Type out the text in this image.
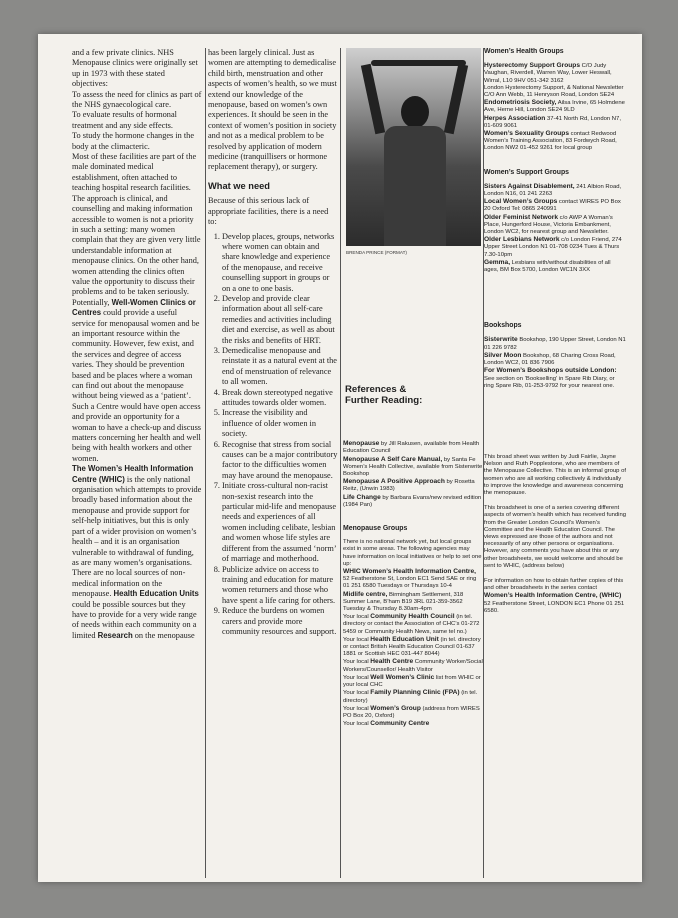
and a few private clinics. NHS Menopause clinics were originally set up in 1973 with these stated objectives:

To assess the need for clinics as part of the NHS gynaecological care.

To evaluate results of hormonal treatment and any side effects.

To study the hormone changes in the body at the climacteric.

Most of these facilities are part of the male dominated medical establishment, often attached to teaching hospital research facilities. The approach is clinical, and counselling and making information accessible to women is not a priority in such a setting: many women complain that they are given very little understandable information at menopause clinics. On the other hand, women attending the clinics often value the opportunity to discuss their problems and to be taken seriously.

Potentially, Well-Women Clinics or Centres could provide a useful service for menopausal women and be an important resource within the community. However, few exist, and the services and degree of access varies. They should be prevention based and be places where a woman can find out about the menopause without being viewed as a ‘patient’. Such a Centre would have open access and provide an opportunity for a woman to have a check-up and discuss matters concerning her health and well being with health workers and other women.

The Women’s Health Information Centre (WHIC) is the only national organisation which attempts to provide broadly based information about the menopause and provide support for self-help initiatives, but this is only part of a wider provision on women’s health – and it is an organisation vulnerable to withdrawal of funding, as are many women’s organisations. There are no local sources of non-medical information on the menopause. Health Education Units could be possible sources but they have to provide for a very wide range of needs within each community on a limited Research on the menopause

has been largely clinical. Just as women are attempting to demedicalise child birth, menstruation and other aspects of women’s health, so we must extend our knowledge of the menopause, based on women’s own experiences. It should be seen in the context of women’s position in society and not as a medical problem to be resolved by application of modern medicine (tranquillisers or hormone replacement therapy), or surgery.

What we need

Because of this serious lack of appropriate facilities, there is a need to:

1. Develop places, groups, networks where women can obtain and share knowledge and experience of the menopause, and receive counselling support in groups or on a one to one basis.
2. Develop and provide clear information about all self-care remedies and activities including diet and exercise, as well as about the risks and benefits of HRT.
3. Demedicalise menopause and reinstate it as a natural event at the end of menstruation of relevance to all women.
4. Break down stereotyped negative attitudes towards older women.
5. Increase the visibility and influence of older women in society.
6. Recognise that stress from social causes can be a major contributory factor to the difficulties women may have around the menopause.
7. Initiate cross-cultural non-racist non-sexist research into the particular mid-life and menopause needs and experiences of all women including celibate, lesbian and women whose life styles are different from the assumed ‘norm’ of marriage and motherhood.
8. Publicize advice on access to training and education for mature women returners and those who have spent a life caring for others.
9. Reduce the burdens on women carers and provide more community resources and support.
BRENDA PRINCE (FORMAT)
References &
Further Reading:

Menopause by Jill Rakusen, available from Health Education Council

Menopause A Self Care Manual, by Santa Fe Women’s Health Collective, available from Sisterwrite Bookshop

Menopause A Positive Approach by Rosetta Reitz, (Unwin 1983)

Life Change by Barbara Evans/new revised edition (1984 Pan)

Menopause Groups

There is no national network yet, but local groups exist in some areas. The following agencies may have information on local initiatives or help to set one up:

WHIC Women’s Health Information Centre, 52 Featherstone St, London EC1 Send SAE or ring 01 251 6580 Tuesdays or Thursdays 10-4

Midlife centre, Birmingham Settlement, 318 Summer Lane, B’ham B19 3RL 021-359-3562 Tuesday & Thursday 8.30am-4pm

Your local Community Health Council (in tel. directory or contact the Association of CHC’s 01-272 5459 or Community Health News, same tel no.)

Your local Health Education Unit (in tel. directory or contact British Health Education Council 01-637 1881 or Scottish HEC 031-447 8044)

Your local Health Centre Community Worker/Social Workers/Counsellor/ Health Visitor

Your local Well Women’s Clinic list from WHIC or your local CHC

Your local Family Planning Clinic (FPA) (in tel. directory)

Your local Women’s Group (address from WIRES PO Box 20, Oxford)

Your local Community Centre

Women’s Health Groups

Hysterectomy Support Groups C/O Judy Vaughan, Riverdell, Warren Way, Lower Heswall, Wirral, L10 9HV 051-342 3162

London Hysterectomy Support, & National Newsletter C/O Ann Webb, 11 Henryson Road, London SE24

Endometriosis Society, Ailsa Irvine, 65 Holmdene Ave, Herne Hill, London SE24 9LD

Herpes Association 37-41 North Rd, London N7, 01-609 9061

Women’s Sexuality Groups contact Redwood Women’s Training Association, 83 Fordwych Road, London NW2 01-452 9261 for local group

Women’s Support Groups

Sisters Against Disablement, 241 Albion Road, London N16, 01 241 2263

Local Women’s Groups contact WIRES PO Box 20 Oxford Tel: 0865 240991

Older Feminist Network c/o AWP A Woman’s Place, Hungerford House, Victoria Embankment, London WC2, for nearest group and Newsletter.

Older Lesbians Network c/o London Friend, 274 Upper Street London N1 01-708 0234 Tues & Thurs 7.30-10pm

Gemma, Lesbians with/without disabilities of all ages, BM Box 5700, London WC1N 3XX

Bookshops

Sisterwrite Bookshop, 190 Upper Street, London N1 01 226 9782

Silver Moon Bookshop, 68 Charing Cross Road, London WC2, 01 836 7906

For Women’s Bookshops outside London:

See section on ‘Bookselling’ in Spare Rib Diary, or ring Spare Rib, 01-253-9792 for your nearest one.

This broad sheet was written by Judi Fairlie, Jayne Nelson and Ruth Popplestone, who are members of the Menopause Collective. This is an informal group of women who are all working collectively & individually to improve the knowledge and awareness concerning the menopause.

This broadsheet is one of a series covering different aspects of women’s health which has received funding from the Greater London Council’s Women’s Committee and the Health Education Council. The views expressed are those of the authors and not necessarily of any other persons or organisations. However, any comments you have about this or any other broadsheets, we would welcome and should be sent to WHIC, (address below)

For information on how to obtain further copies of this and other broadsheets in the series contact Women’s Health Information Centre, (WHIC) 52 Featherstone Street, LONDON EC1 Phone 01 251 6580.
